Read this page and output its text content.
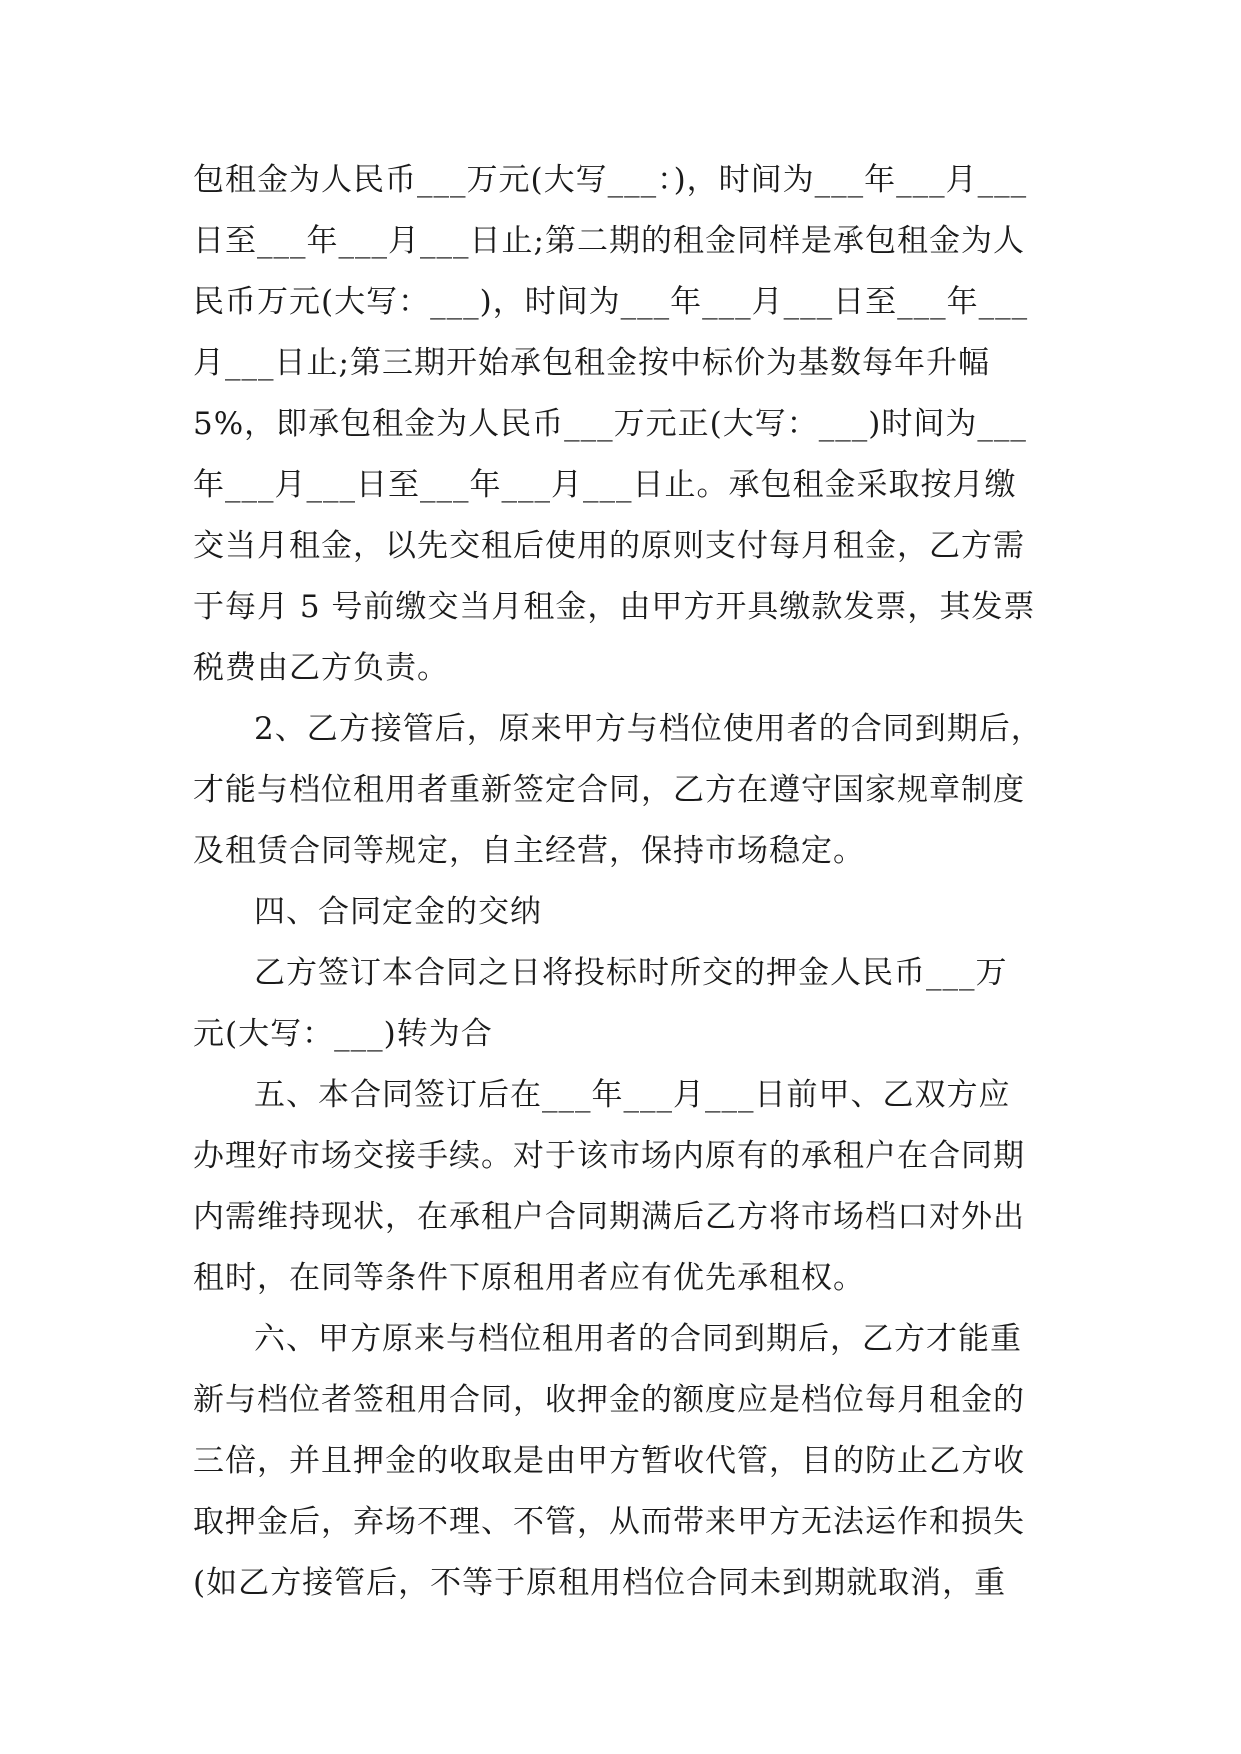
包租金为人民币___万元(大写___：)，时间为___年___月___
日至___年___月___日止;第二期的租金同样是承包租金为人
民币万元(大写：___)，时间为___年___月___日至___年___
月___日止;第三期开始承包租金按中标价为基数每年升幅
5%，即承包租金为人民币___万元正(大写：___)时间为___
年___月___日至___年___月___日止。承包租金采取按月缴
交当月租金，以先交租后使用的原则支付每月租金，乙方需
于每月 5 号前缴交当月租金，由甲方开具缴款发票，其发票
税费由乙方负责。
2、乙方接管后，原来甲方与档位使用者的合同到期后，
才能与档位租用者重新签定合同，乙方在遵守国家规章制度
及租赁合同等规定，自主经营，保持市场稳定。
四、合同定金的交纳
乙方签订本合同之日将投标时所交的押金人民币___万
元(大写：___)转为合
五、本合同签订后在___年___月___日前甲、乙双方应
办理好市场交接手续。对于该市场内原有的承租户在合同期
内需维持现状，在承租户合同期满后乙方将市场档口对外出
租时，在同等条件下原租用者应有优先承租权。
六、甲方原来与档位租用者的合同到期后，乙方才能重
新与档位者签租用合同，收押金的额度应是档位每月租金的
三倍，并且押金的收取是由甲方暂收代管，目的防止乙方收
取押金后，弃场不理、不管，从而带来甲方无法运作和损失
(如乙方接管后，不等于原租用档位合同未到期就取消，重
